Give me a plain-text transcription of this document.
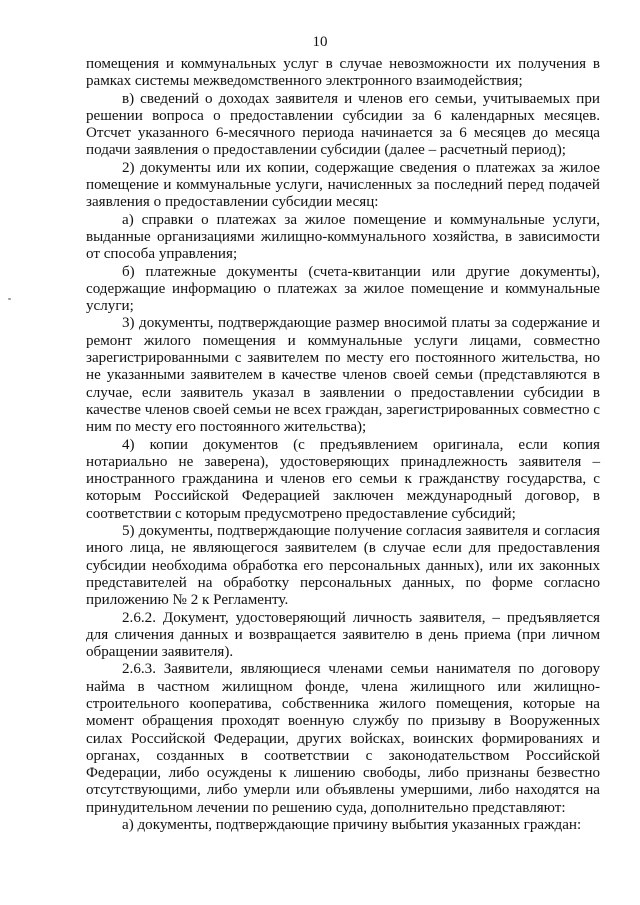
10

помещения и коммунальных услуг в случае невозможности их получения в рамках системы межведомственного электронного взаимодействия;

в) сведений о доходах заявителя и членов его семьи, учитываемых при решении вопроса о предоставлении субсидии за 6 календарных месяцев. Отсчет указанного 6-месячного периода начинается за 6 месяцев до месяца подачи заявления о предоставлении субсидии (далее – расчетный период);

2) документы или их копии, содержащие сведения о платежах за жилое помещение и коммунальные услуги, начисленных за последний перед подачей заявления о предоставлении субсидии месяц:

а) справки о платежах за жилое помещение и коммунальные услуги, выданные организациями жилищно-коммунального хозяйства, в зависимости от способа управления;

б) платежные документы (счета-квитанции или другие документы), содержащие информацию о платежах за жилое помещение и коммунальные услуги;

3) документы, подтверждающие размер вносимой платы за содержание и ремонт жилого помещения и коммунальные услуги лицами, совместно зарегистрированными с заявителем по месту его постоянного жительства, но не указанными заявителем в качестве членов своей семьи (представляются в случае, если заявитель указал в заявлении о предоставлении субсидии в качестве членов своей семьи не всех граждан, зарегистрированных совместно с ним по месту его постоянного жительства);

4) копии документов (с предъявлением оригинала, если копия нотариально не заверена), удостоверяющих принадлежность заявителя – иностранного гражданина и членов его семьи к гражданству государства, с которым Российской Федерацией заключен международный договор, в соответствии с которым предусмотрено предоставление субсидий;

5) документы, подтверждающие получение согласия заявителя и согласия иного лица, не являющегося заявителем (в случае если для предоставления субсидии необходима обработка его персональных данных), или их законных представителей на обработку персональных данных, по форме согласно приложению № 2 к Регламенту.

2.6.2. Документ, удостоверяющий личность заявителя, – предъявляется для сличения данных и возвращается заявителю в день приема (при личном обращении заявителя).

2.6.3. Заявители, являющиеся членами семьи нанимателя по договору найма в частном жилищном фонде, члена жилищного или жилищно-строительного кооператива, собственника жилого помещения, которые на момент обращения проходят военную службу по призыву в Вооруженных силах Российской Федерации, других войсках, воинских формированиях и органах, созданных в соответствии с законодательством Российской Федерации, либо осуждены к лишению свободы, либо признаны безвестно отсутствующими, либо умерли или объявлены умершими, либо находятся на принудительном лечении по решению суда, дополнительно представляют:

а) документы, подтверждающие причину выбытия указанных граждан:
